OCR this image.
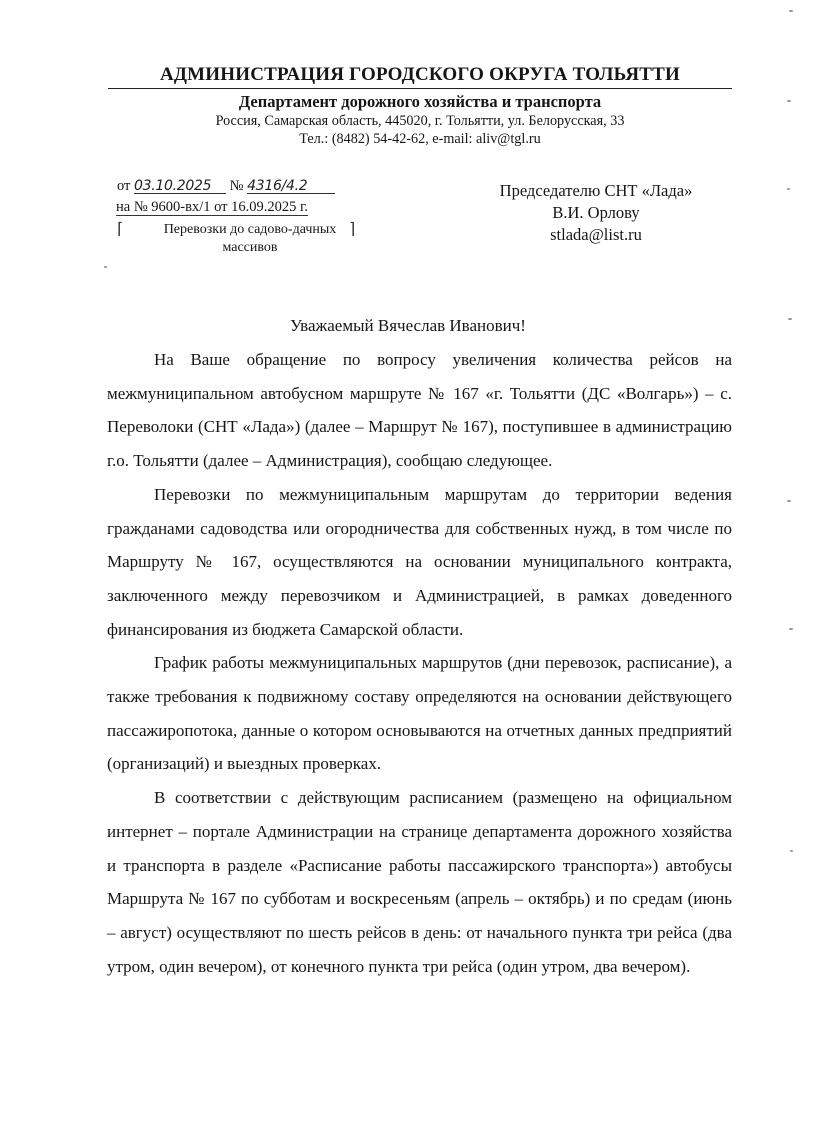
АДМИНИСТРАЦИЯ ГОРОДСКОГО ОКРУГА ТОЛЬЯТТИ
Департамент дорожного хозяйства и транспорта
Россия, Самарская область, 445020, г. Тольятти, ул. Белорусская, 33
Тел.: (8482) 54-42-62, e-mail: aliv@tgl.ru
от 03.10.2025 № 4316/4.2
на № 9600-вх/1 от 16.09.2025 г.
⌈	⌉
Перевозки до садово-дачных массивов
Председателю СНТ «Лада»
В.И. Орлову
stlada@list.ru
Уважаемый Вячеслав Иванович!

На Ваше обращение по вопросу увеличения количества рейсов на межмуниципальном автобусном маршруте № 167 «г. Тольятти (ДС «Волгарь») – с. Переволоки (СНТ «Лада») (далее – Маршрут № 167), поступившее в администрацию г.о. Тольятти (далее – Администрация), сообщаю следующее.

Перевозки по межмуниципальным маршрутам до территории ведения гражданами садоводства или огородничества для собственных нужд, в том числе по Маршруту № 167, осуществляются на основании муниципального контракта, заключенного между перевозчиком и Администрацией, в рамках доведенного финансирования из бюджета Самарской области.

График работы межмуниципальных маршрутов (дни перевозок, расписание), а также требования к подвижному составу определяются на основании действующего пассажиропотока, данные о котором основываются на отчетных данных предприятий (организаций) и выездных проверках.

В соответствии с действующим расписанием (размещено на официальном интернет – портале Администрации на странице департамента дорожного хозяйства и транспорта в разделе «Расписание работы пассажирского транспорта») автобусы Маршрута № 167 по субботам и воскресеньям (апрель – октябрь) и по средам (июнь – август) осуществляют по шесть рейсов в день: от начального пункта три рейса (два утром, один вечером), от конечного пункта три рейса (один утром, два вечером).
